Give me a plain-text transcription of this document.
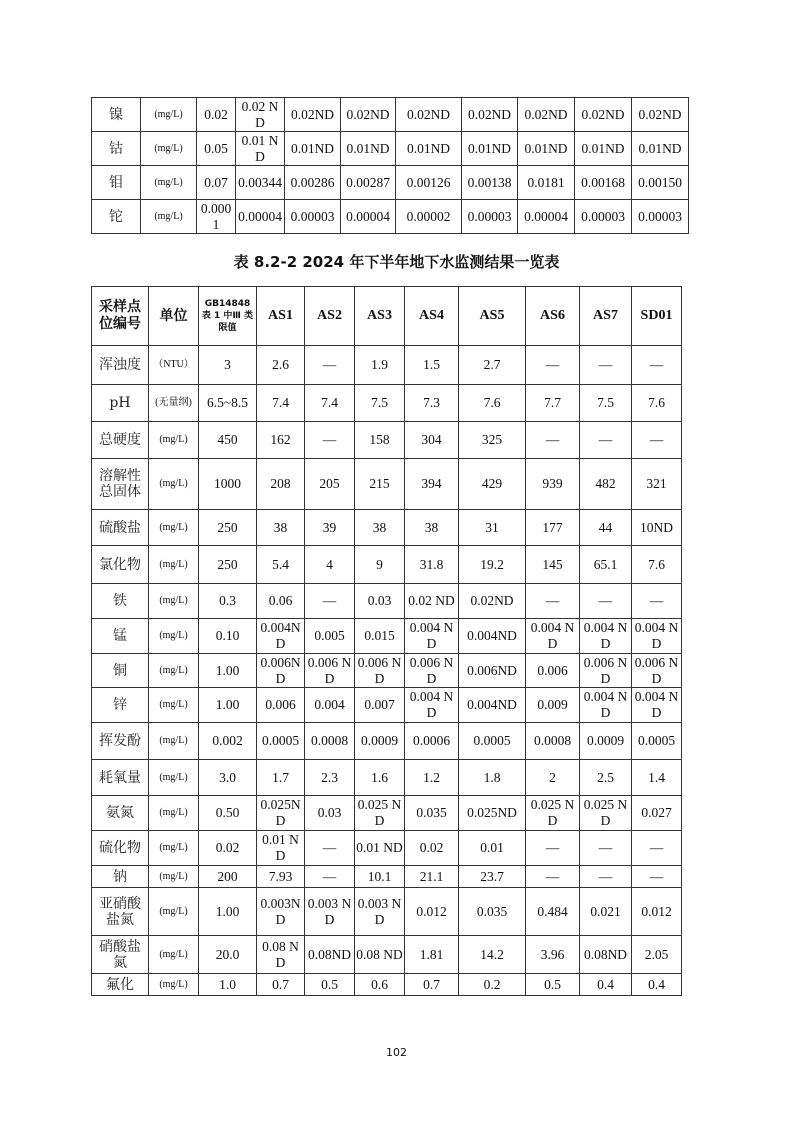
镍	(mg/L)	0.02	0.02 ND	0.02ND	0.02ND	0.02ND	0.02ND	0.02ND	0.02ND	0.02ND
钴	(mg/L)	0.05	0.01 ND	0.01ND	0.01ND	0.01ND	0.01ND	0.01ND	0.01ND	0.01ND
钼	(mg/L)	0.07	0.00344	0.00286	0.00287	0.00126	0.00138	0.0181	0.00168	0.00150
铊	(mg/L)	0.0001	0.00004	0.00003	0.00004	0.00002	0.00003	0.00004	0.00003	0.00003
表 8.2-2 2024 年下半年地下水监测结果一览表
采样点位编号	单位	GB14848 表 1 中Ⅲ 类限值	AS1	AS2	AS3	AS4	AS5	AS6	AS7	SD01
浑浊度	（NTU）	3	2.6	—	1.9	1.5	2.7	—	—	—
pH	(无量纲)	6.5~8.5	7.4	7.4	7.5	7.3	7.6	7.7	7.5	7.6
总硬度	(mg/L)	450	162	—	158	304	325	—	—	—
溶解性总固体	(mg/L)	1000	208	205	215	394	429	939	482	321
硫酸盐	(mg/L)	250	38	39	38	38	31	177	44	10ND
氯化物	(mg/L)	250	5.4	4	9	31.8	19.2	145	65.1	7.6
铁	(mg/L)	0.3	0.06	—	0.03	0.02 ND	0.02ND	—	—	—
锰	(mg/L)	0.10	0.004ND	0.005	0.015	0.004 ND	0.004ND	0.004 ND	0.004 ND	0.004 ND
铜	(mg/L)	1.00	0.006ND	0.006 ND	0.006 ND	0.006 ND	0.006ND	0.006	0.006 ND	0.006 ND
锌	(mg/L)	1.00	0.006	0.004	0.007	0.004 ND	0.004ND	0.009	0.004 ND	0.004 ND
挥发酚	(mg/L)	0.002	0.0005	0.0008	0.0009	0.0006	0.0005	0.0008	0.0009	0.0005
耗氧量	(mg/L)	3.0	1.7	2.3	1.6	1.2	1.8	2	2.5	1.4
氨氮	(mg/L)	0.50	0.025ND	0.03	0.025 ND	0.035	0.025ND	0.025 ND	0.025 ND	0.027
硫化物	(mg/L)	0.02	0.01 ND	—	0.01 ND	0.02	0.01	—	—	—
钠	(mg/L)	200	7.93	—	10.1	21.1	23.7	—	—	—
亚硝酸盐氮	(mg/L)	1.00	0.003ND	0.003 ND	0.003 ND	0.012	0.035	0.484	0.021	0.012
硝酸盐氮	(mg/L)	20.0	0.08 ND	0.08ND	0.08 ND	1.81	14.2	3.96	0.08ND	2.05
氟化	(mg/L)	1.0	0.7	0.5	0.6	0.7	0.2	0.5	0.4	0.4
102
